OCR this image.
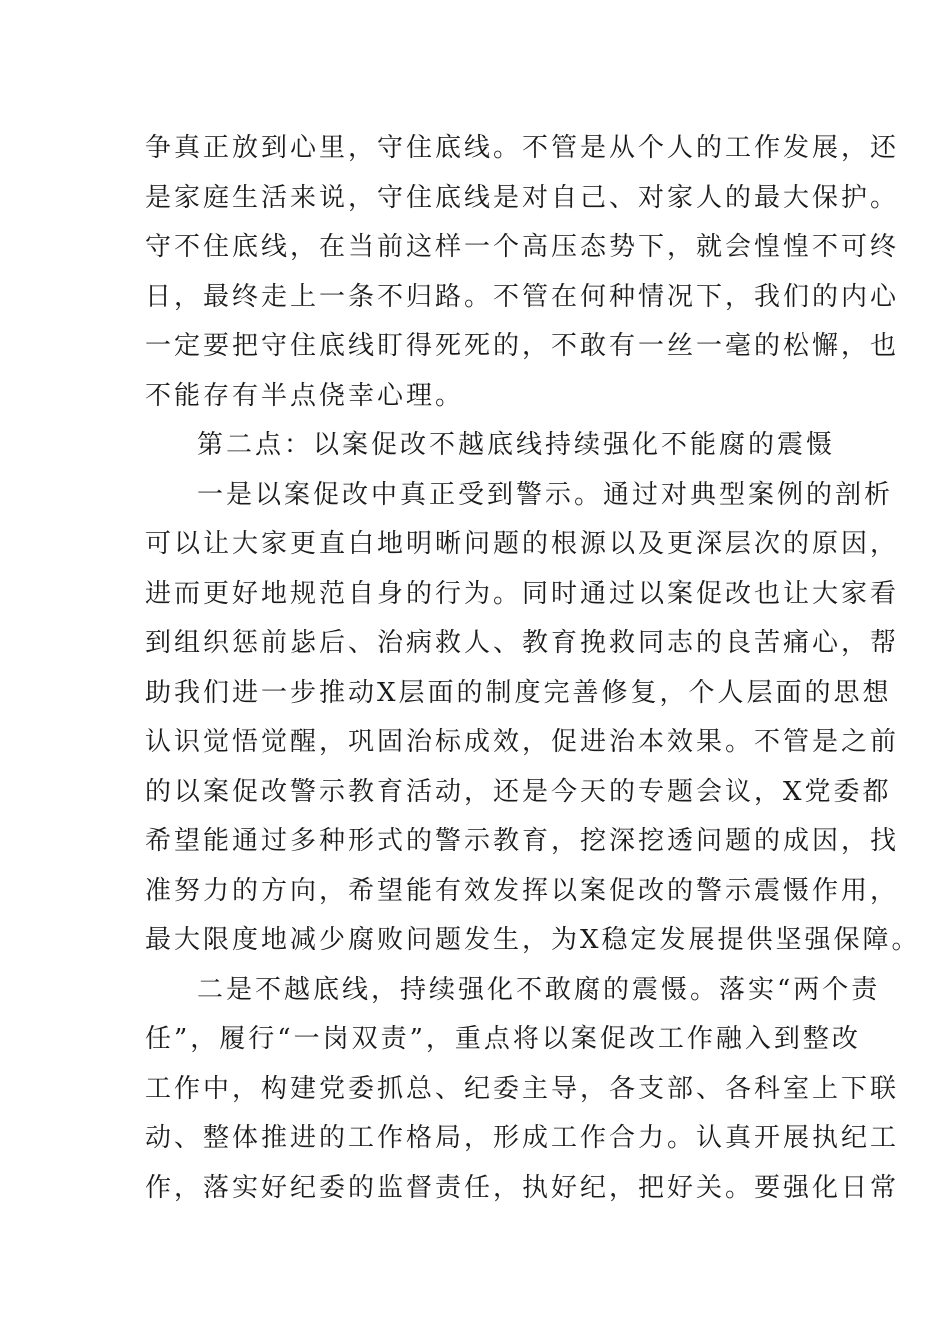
争真正放到心里，守住底线。不管是从个人的工作发展，还
是家庭生活来说，守住底线是对自己、对家人的最大保护。
守不住底线，在当前这样一个高压态势下，就会惶惶不可终
日，最终走上一条不归路。不管在何种情况下，我们的内心
一定要把守住底线盯得死死的，不敢有一丝一毫的松懈，也
不能存有半点侥幸心理。
第二点：以案促改不越底线持续强化不能腐的震慑
一是以案促改中真正受到警示。通过对典型案例的剖析
可以让大家更直白地明晰问题的根源以及更深层次的原因，
进而更好地规范自身的行为。同时通过以案促改也让大家看
到组织惩前毖后、治病救人、教育挽救同志的良苦痛心，帮
助我们进一步推动X层面的制度完善修复，个人层面的思想
认识觉悟觉醒，巩固治标成效，促进治本效果。不管是之前
的以案促改警示教育活动，还是今天的专题会议，X党委都
希望能通过多种形式的警示教育，挖深挖透问题的成因，找
准努力的方向，希望能有效发挥以案促改的警示震慑作用，
最大限度地减少腐败问题发生，为X稳定发展提供坚强保障。
二是不越底线，持续强化不敢腐的震慑。落实“两个责
任”，履行“一岗双责”，重点将以案促改工作融入到整改
工作中，构建党委抓总、纪委主导，各支部、各科室上下联
动、整体推进的工作格局，形成工作合力。认真开展执纪工
作，落实好纪委的监督责任，执好纪，把好关。要强化日常
